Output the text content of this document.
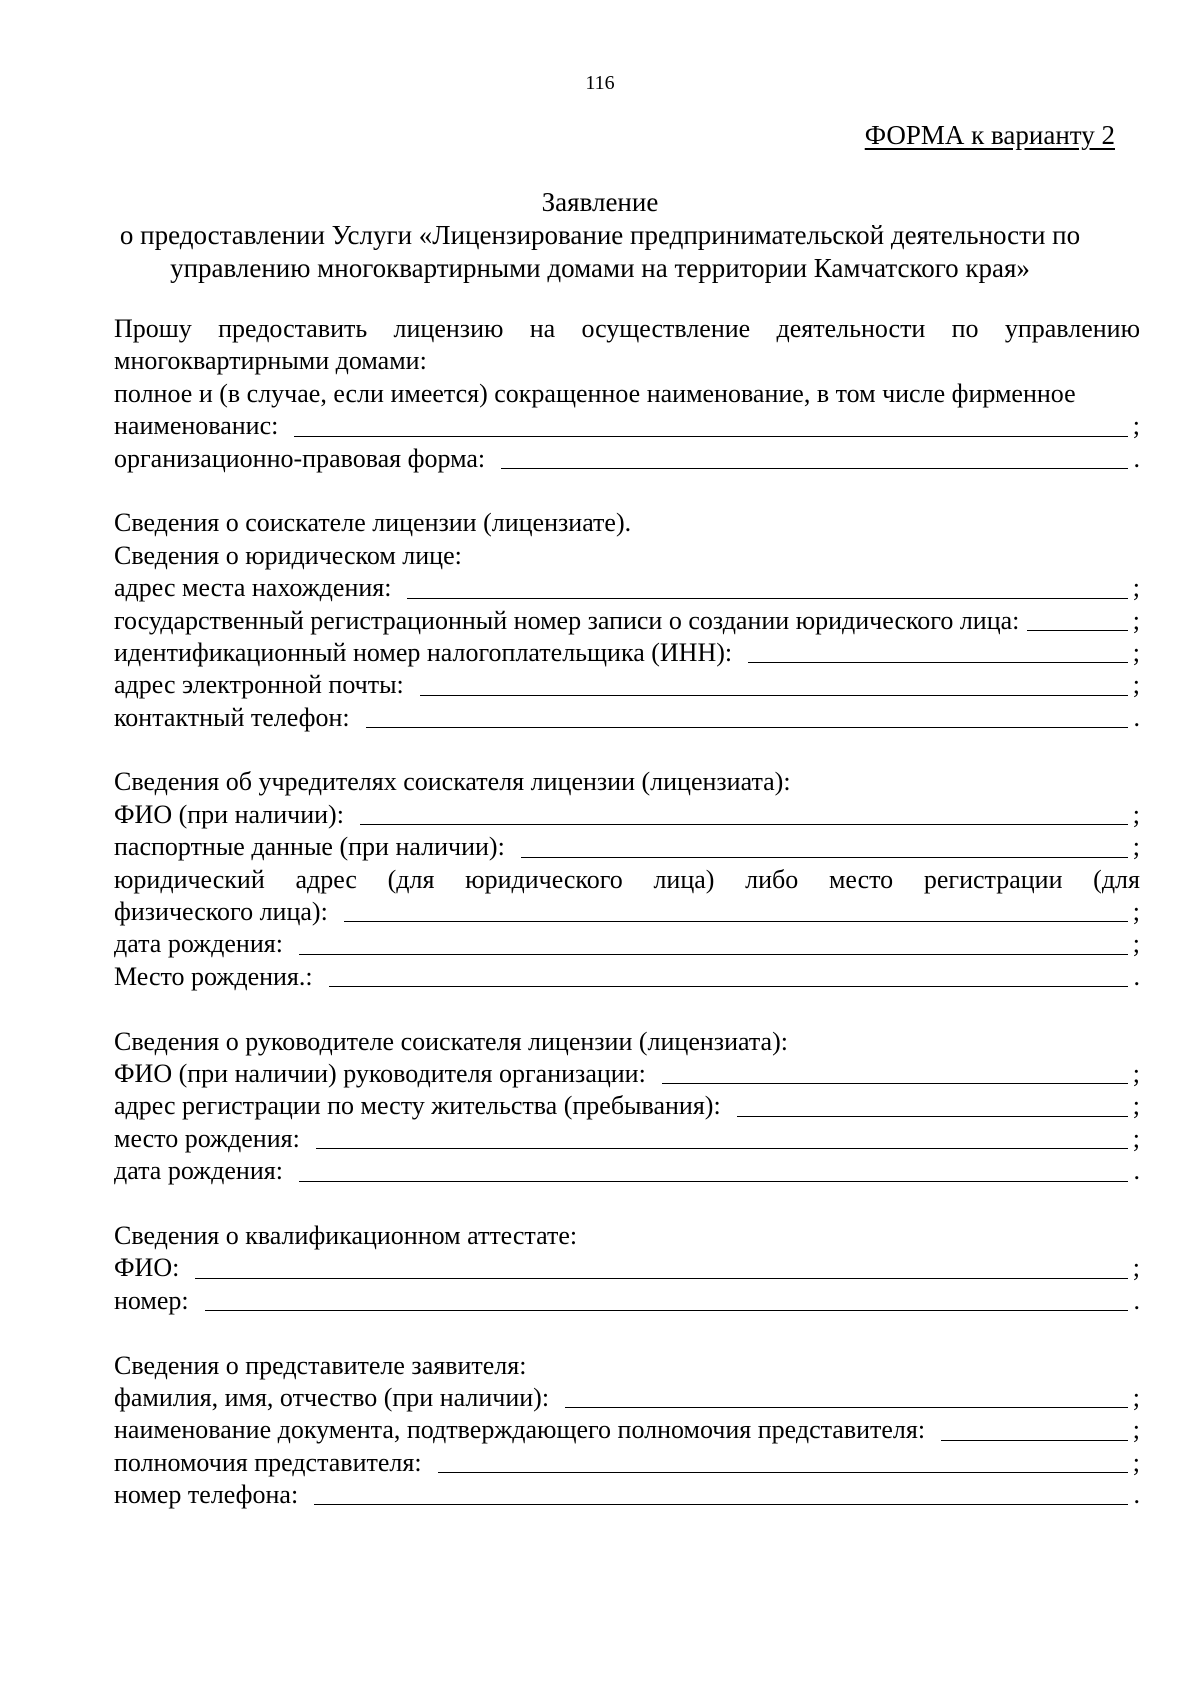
116
ФОРМА к варианту 2
Заявление
о предоставлении Услуги «Лицензирование предпринимательской деятельности по
управлению многоквартирными домами на территории Камчатского края»
Прошу предоставить лицензию на осуществление деятельности по управлению
многоквартирными домами:
полное и (в случае, если имеется) сокращенное наименование, в том числе фирменное
наименованис:	;
организационно-правовая форма:	.
Сведения о соискателе лицензии (лицензиате).
Сведения о юридическом лице:
адрес места нахождения:	;
государственный регистрационный номер записи о создании юридического лица:	;
идентификационный номер налогоплательщика (ИНН):	;
адрес электронной почты:	;
контактный телефон:	.
Сведения об учредителях соискателя лицензии (лицензиата):
ФИО (при наличии):	;
паспортные данные (при наличии):	;
юридический адрес (для юридического лица) либо место регистрации (для
физического лица):	;
дата рождения:	;
Место рождения.:	.
Сведения о руководителе соискателя лицензии (лицензиата):
ФИО (при наличии) руководителя организации:	;
адрес регистрации по месту жительства (пребывания):	;
место рождения:	;
дата рождения:	.
Сведения о квалификационном аттестате:
ФИО:	;
номер:	.
Сведения о представителе заявителя:
фамилия, имя, отчество (при наличии):	;
наименование документа, подтверждающего полномочия представителя:	;
полномочия представителя:	;
номер телефона:	.
